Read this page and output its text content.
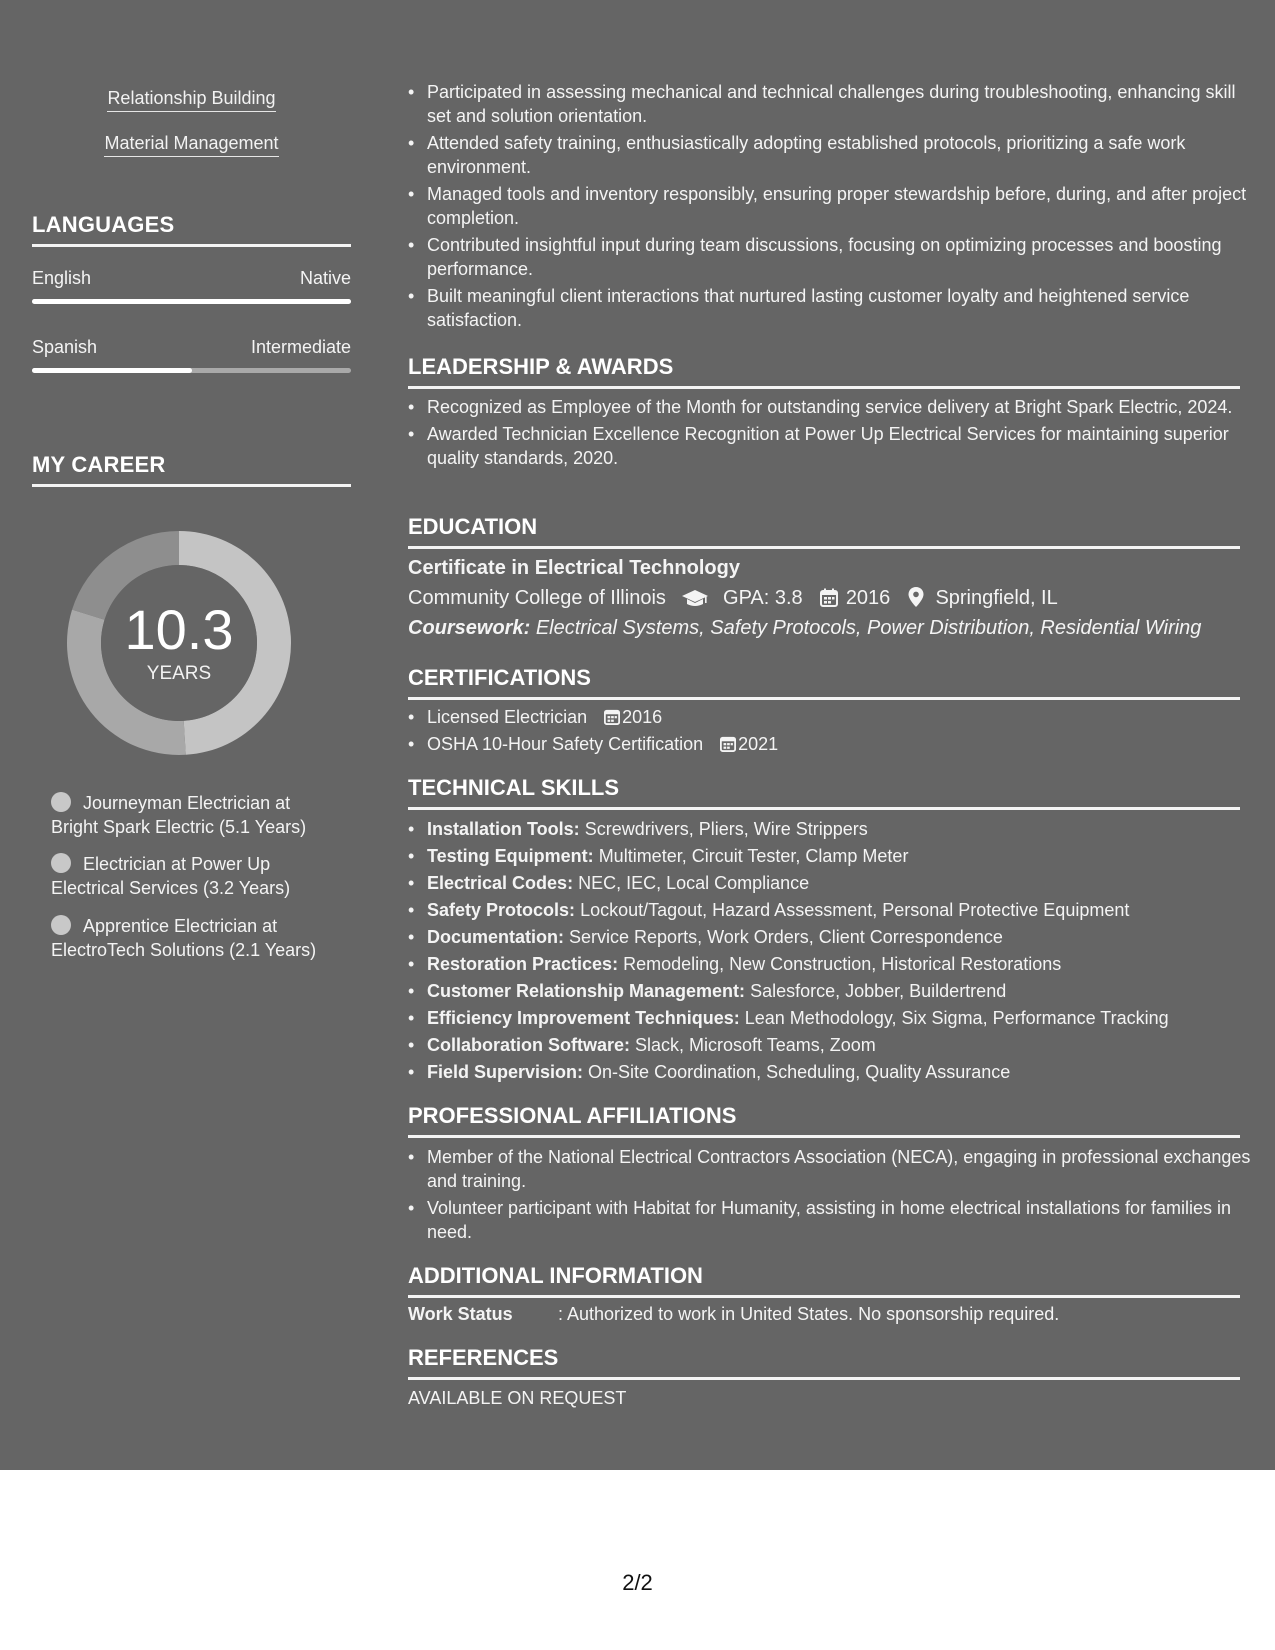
Relationship Building
Material Management
LANGUAGES
English	Native
Spanish	Intermediate
MY CAREER
10.3
YEARS
Journeyman Electrician at Bright Spark Electric (5.1 Years)
Electrician at Power Up Electrical Services (3.2 Years)
Apprentice Electrician at ElectroTech Solutions (2.1 Years)
• Participated in assessing mechanical and technical challenges during troubleshooting, enhancing skill set and solution orientation.
• Attended safety training, enthusiastically adopting established protocols, prioritizing a safe work environment.
• Managed tools and inventory responsibly, ensuring proper stewardship before, during, and after project completion.
• Contributed insightful input during team discussions, focusing on optimizing processes and boosting performance.
• Built meaningful client interactions that nurtured lasting customer loyalty and heightened service satisfaction.
LEADERSHIP & AWARDS
• Recognized as Employee of the Month for outstanding service delivery at Bright Spark Electric, 2024.
• Awarded Technician Excellence Recognition at Power Up Electrical Services for maintaining superior quality standards, 2020.
EDUCATION
Certificate in Electrical Technology
Community College of Illinois	GPA: 3.8 2016 Springfield, IL
Coursework: Electrical Systems, Safety Protocols, Power Distribution, Residential Wiring
CERTIFICATIONS
• Licensed Electrician 2016
• OSHA 10-Hour Safety Certification 2021
TECHNICAL SKILLS
• Installation Tools: Screwdrivers, Pliers, Wire Strippers
• Testing Equipment: Multimeter, Circuit Tester, Clamp Meter
• Electrical Codes: NEC, IEC, Local Compliance
• Safety Protocols: Lockout/Tagout, Hazard Assessment, Personal Protective Equipment
• Documentation: Service Reports, Work Orders, Client Correspondence
• Restoration Practices: Remodeling, New Construction, Historical Restorations
• Customer Relationship Management: Salesforce, Jobber, Buildertrend
• Efficiency Improvement Techniques: Lean Methodology, Six Sigma, Performance Tracking
• Collaboration Software: Slack, Microsoft Teams, Zoom
• Field Supervision: On-Site Coordination, Scheduling, Quality Assurance
PROFESSIONAL AFFILIATIONS
• Member of the National Electrical Contractors Association (NECA), engaging in professional exchanges and training.
• Volunteer participant with Habitat for Humanity, assisting in home electrical installations for families in need.
ADDITIONAL INFORMATION
Work Status	: Authorized to work in United States. No sponsorship required.
REFERENCES
AVAILABLE ON REQUEST
2/2
